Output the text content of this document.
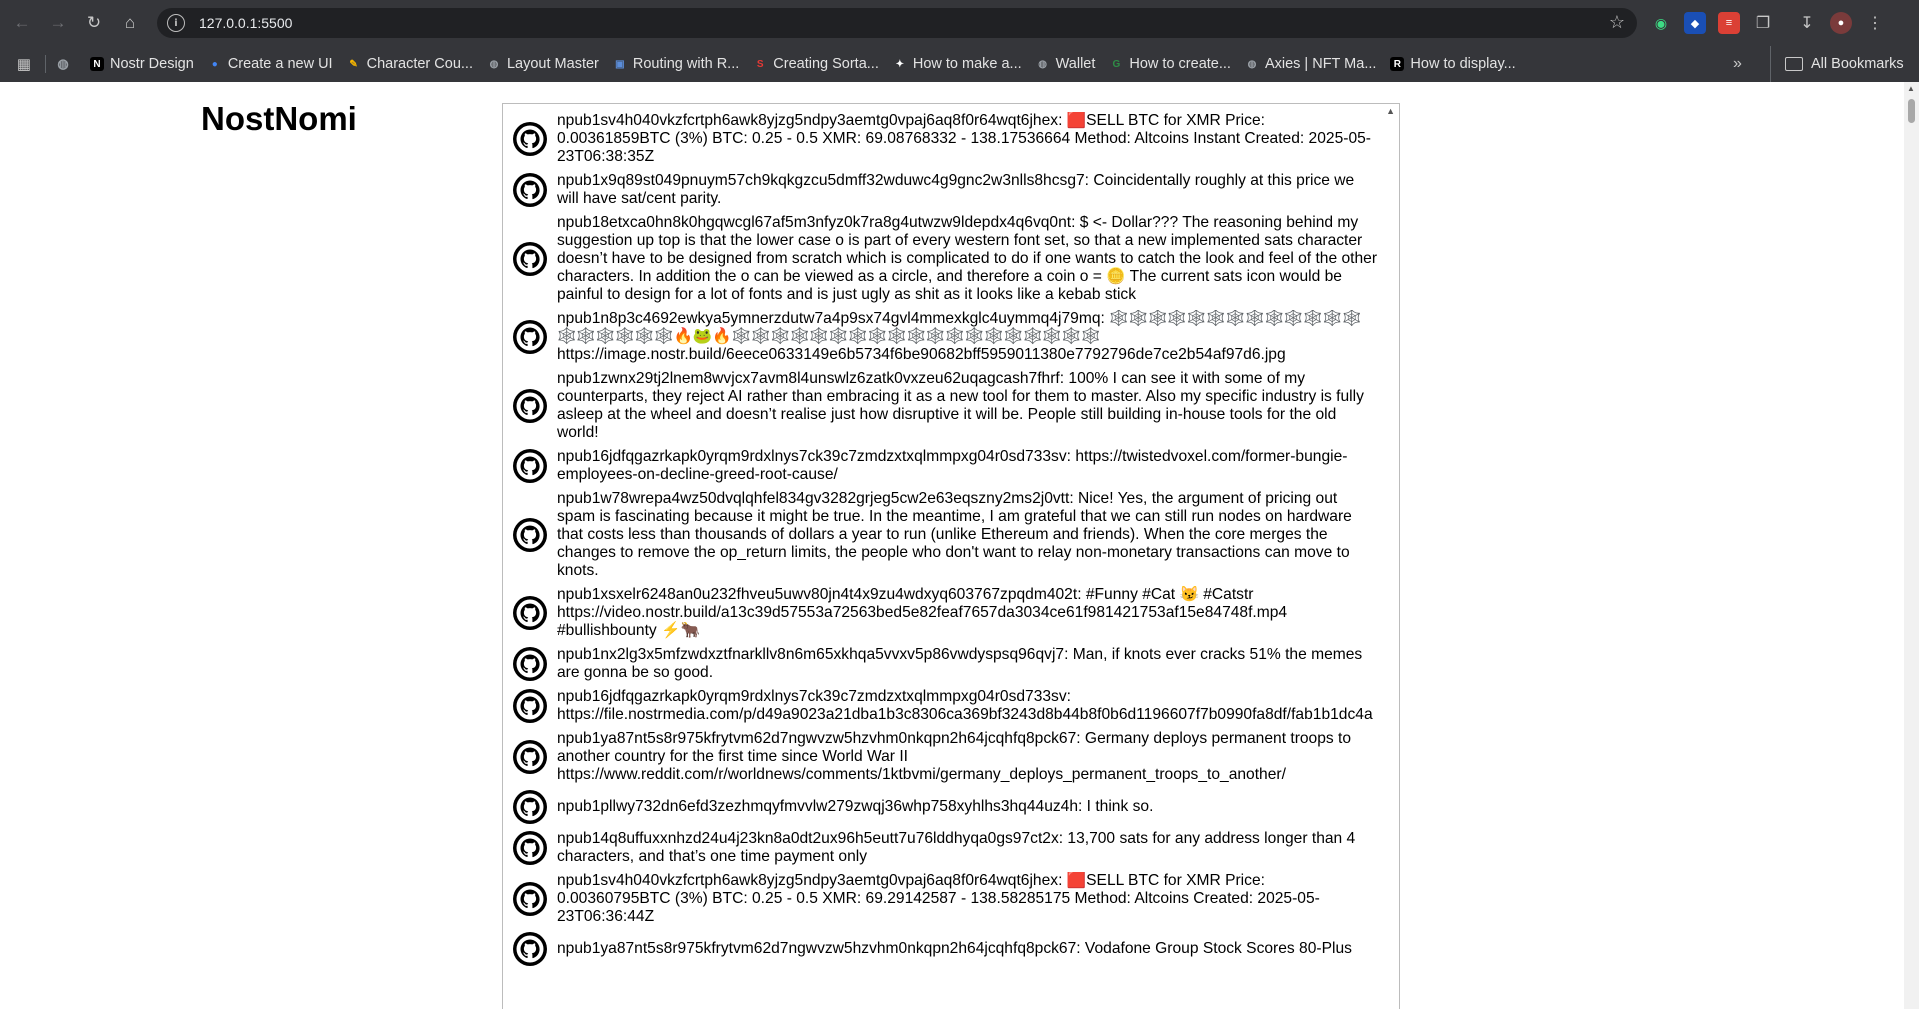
←	→	↻	⌂	i	127.0.0.1:5500	☆	◉	◆	≡	❐ ↧	●	⋮
▦ ◍	N Nostr Design	● Create a new UI ✎ Character Cou... ◍ Layout Master ▣ Routing with R...	S Creating Sorta... ✦ How to make a... ◍ Wallet	G How to create... ◍ Axies | NFT Ma...	R How to display...	»	All Bookmarks
NostNomi	npub1sv4h040vkzfcrtph6awk8yjzg5ndpy3aemtg0vpaj6aq8f0r64wqt6jhex: 🟥SELL BTC for XMR Price: 0.00361859BTC (3%) BTC: 0.25 - 0.5 XMR: 69.08768332 - 138.17536664 Method: Altcoins Instant Created: 2025-05-23T06:38:35Z
npub1x9q89st049pnuym57ch9kqkgzcu5dmff32wduwc4g9gnc2w3nlls8hcsg7: Coincidentally roughly at this price we will have sat/cent parity.
npub18etxca0hn8k0hgqwcgl67af5m3nfyz0k7ra8g4utwzw9ldepdx4q6vq0nt: $ <- Dollar??? The reasoning behind my suggestion up top is that the lower case o is part of every western font set, so that a new implemented sats character doesn’t have to be designed from scratch which is complicated to do if one wants to catch the look and feel of the other characters. In addition the o can be viewed as a circle, and therefore a coin o = 🪙 The current sats icon would be painful to design for a lot of fonts and is just ugly as shit as it looks like a kebab stick
npub1n8p3c4692ewkya5ymnerzdutw7a4p9sx74gvl4mmexkglc4uymmq4j79mq: 🕸️🕸️🕸️🕸️🕸️🕸️🕸️🕸️🕸️🕸️🕸️🕸️🕸️🕸️🕸️🕸️🕸️🕸️🕸️🔥🐸🔥🕸️🕸️🕸️🕸️🕸️🕸️🕸️🕸️🕸️🕸️🕸️🕸️🕸️🕸️🕸️🕸️🕸️🕸️🕸️ https://image.nostr.build/6eece0633149e6b5734f6be90682bff5959011380e7792796de7ce2b54af97d6.jpg
npub1zwnx29tj2lnem8wvjcx7avm8l4unswlz6zatk0vxzeu62uqagcash7fhrf: 100% I can see it with some of my counterparts, they reject AI rather than embracing it as a new tool for them to master. Also my specific industry is fully asleep at the wheel and doesn’t realise just how disruptive it will be. People still building in-house tools for the old world!
npub16jdfqgazrkapk0yrqm9rdxlnys7ck39c7zmdzxtxqlmmpxg04r0sd733sv: https://twistedvoxel.com/former-bungie-employees-on-decline-greed-root-cause/
npub1w78wrepa4wz50dvqlqhfel834gv3282grjeg5cw2e63eqszny2ms2j0vtt: Nice! Yes, the argument of pricing out spam is fascinating because it might be true. In the meantime, I am grateful that we can still run nodes on hardware that costs less than thousands of dollars a year to run (unlike Ethereum and friends). When the core merges the changes to remove the op_return limits, the people who don't want to relay non-monetary transactions can move to knots.
npub1xsxelr6248an0u232fhveu5uwv80jn4t4x9zu4wdxyq603767zpqdm402t: #Funny #Cat 😼 #Catstr https://video.nostr.build/a13c39d57553a72563bed5e82feaf7657da3034ce61f981421753af15e84748f.mp4 #bullishbounty ⚡🐂
npub1nx2lg3x5mfzwdxztfnarkllv8n6m65xkhqa5vvxv5p86vwdyspsq96qvj7: Man, if knots ever cracks 51% the memes are gonna be so good.
npub16jdfqgazrkapk0yrqm9rdxlnys7ck39c7zmdzxtxqlmmpxg04r0sd733sv: https://file.nostrmedia.com/p/d49a9023a21dba1b3c8306ca369bf3243d8b44b8f0b6d1196607f7b0990fa8df/fab1b1dc4a
npub1ya87nt5s8r975kfrytvm62d7ngwvzw5hzvhm0nkqpn2h64jcqhfq8pck67: Germany deploys permanent troops to another country for the first time since World War II https://www.reddit.com/r/worldnews/comments/1ktbvmi/germany_deploys_permanent_troops_to_another/
npub1pllwy732dn6efd3zezhmqyfmvvlw279zwqj36whp758xyhlhs3hq44uz4h: I think so.
npub14q8uffuxxnhzd24u4j23kn8a0dt2ux96h5eutt7u76lddhyqa0gs97ct2x: 13,700 sats for any address longer than 4 characters, and that’s one time payment only
npub1sv4h040vkzfcrtph6awk8yjzg5ndpy3aemtg0vpaj6aq8f0r64wqt6jhex: 🟥SELL BTC for XMR Price: 0.00360795BTC (3%) BTC: 0.25 - 0.5 XMR: 69.29142587 - 138.58285175 Method: Altcoins Created: 2025-05-23T06:36:44Z
npub1ya87nt5s8r975kfrytvm62d7ngwvzw5hzvhm0nkqpn2h64jcqhfq8pck67: Vodafone Group Stock Scores 80-Plus
▲
▲
